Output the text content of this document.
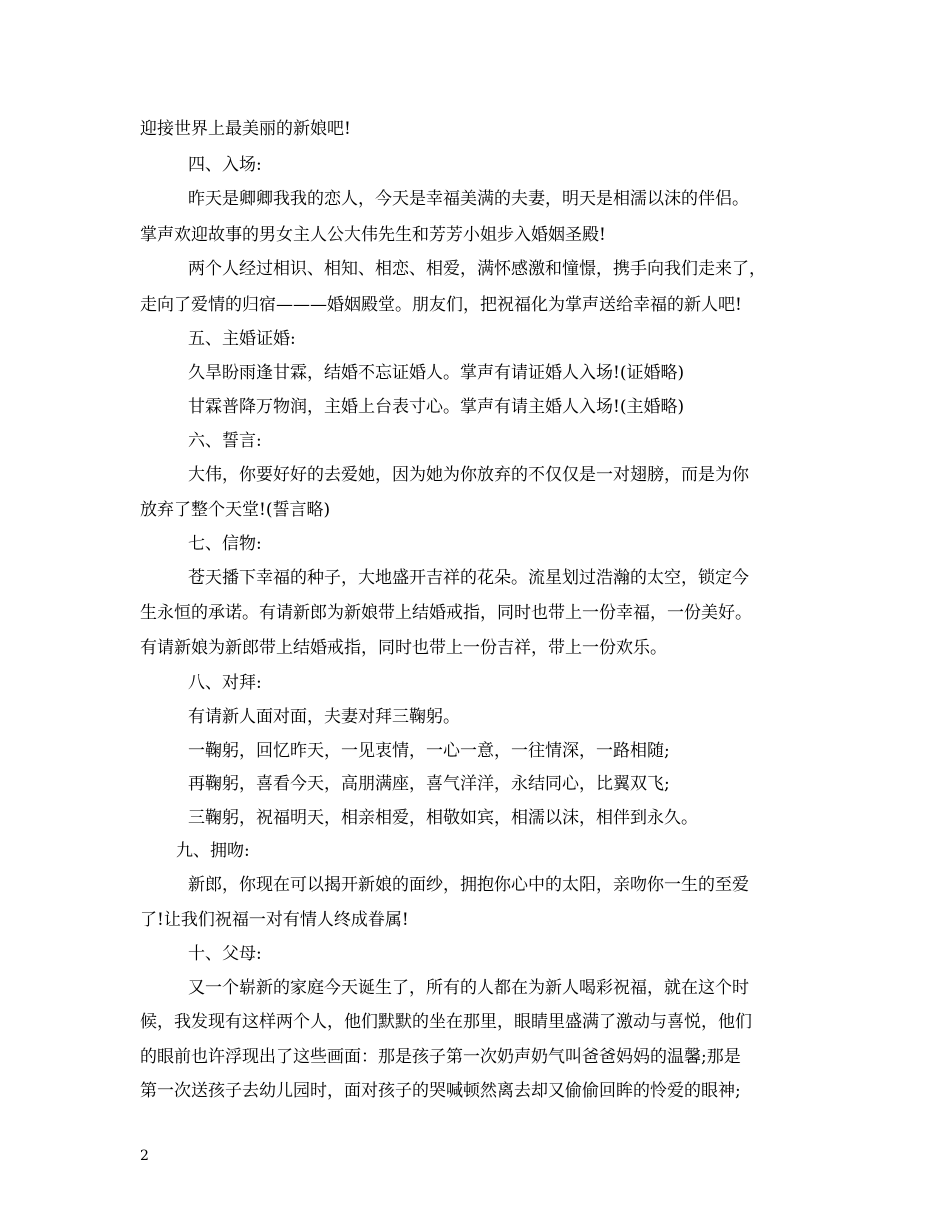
迎接世界上最美丽的新娘吧!
四、入场:
昨天是卿卿我我的恋人，今天是幸福美满的夫妻，明天是相濡以沫的伴侣。
掌声欢迎故事的男女主人公大伟先生和芳芳小姐步入婚姻圣殿!
两个人经过相识、相知、相恋、相爱，满怀感激和憧憬，携手向我们走来了，
走向了爱情的归宿———婚姻殿堂。朋友们，把祝福化为掌声送给幸福的新人吧!
五、主婚证婚:
久旱盼雨逢甘霖，结婚不忘证婚人。掌声有请证婚人入场!(证婚略)
甘霖普降万物润，主婚上台表寸心。掌声有请主婚人入场!(主婚略)
六、誓言:
大伟，你要好好的去爱她，因为她为你放弃的不仅仅是一对翅膀，而是为你
放弃了整个天堂!(誓言略)
七、信物:
苍天播下幸福的种子，大地盛开吉祥的花朵。流星划过浩瀚的太空，锁定今
生永恒的承诺。有请新郎为新娘带上结婚戒指，同时也带上一份幸福，一份美好。
有请新娘为新郎带上结婚戒指，同时也带上一份吉祥，带上一份欢乐。
八、对拜:
有请新人面对面，夫妻对拜三鞠躬。
一鞠躬，回忆昨天，一见衷情，一心一意，一往情深，一路相随;
再鞠躬，喜看今天，高朋满座，喜气洋洋，永结同心，比翼双飞;
三鞠躬，祝福明天，相亲相爱，相敬如宾，相濡以沫，相伴到永久。
九、拥吻:
新郎，你现在可以揭开新娘的面纱，拥抱你心中的太阳，亲吻你一生的至爱
了!让我们祝福一对有情人终成眷属!
十、父母:
又一个崭新的家庭今天诞生了，所有的人都在为新人喝彩祝福，就在这个时
候，我发现有这样两个人，他们默默的坐在那里，眼睛里盛满了激动与喜悦，他们
的眼前也许浮现出了这些画面：那是孩子第一次奶声奶气叫爸爸妈妈的温馨;那是
第一次送孩子去幼儿园时，面对孩子的哭喊顿然离去却又偷偷回眸的怜爱的眼神;
2
